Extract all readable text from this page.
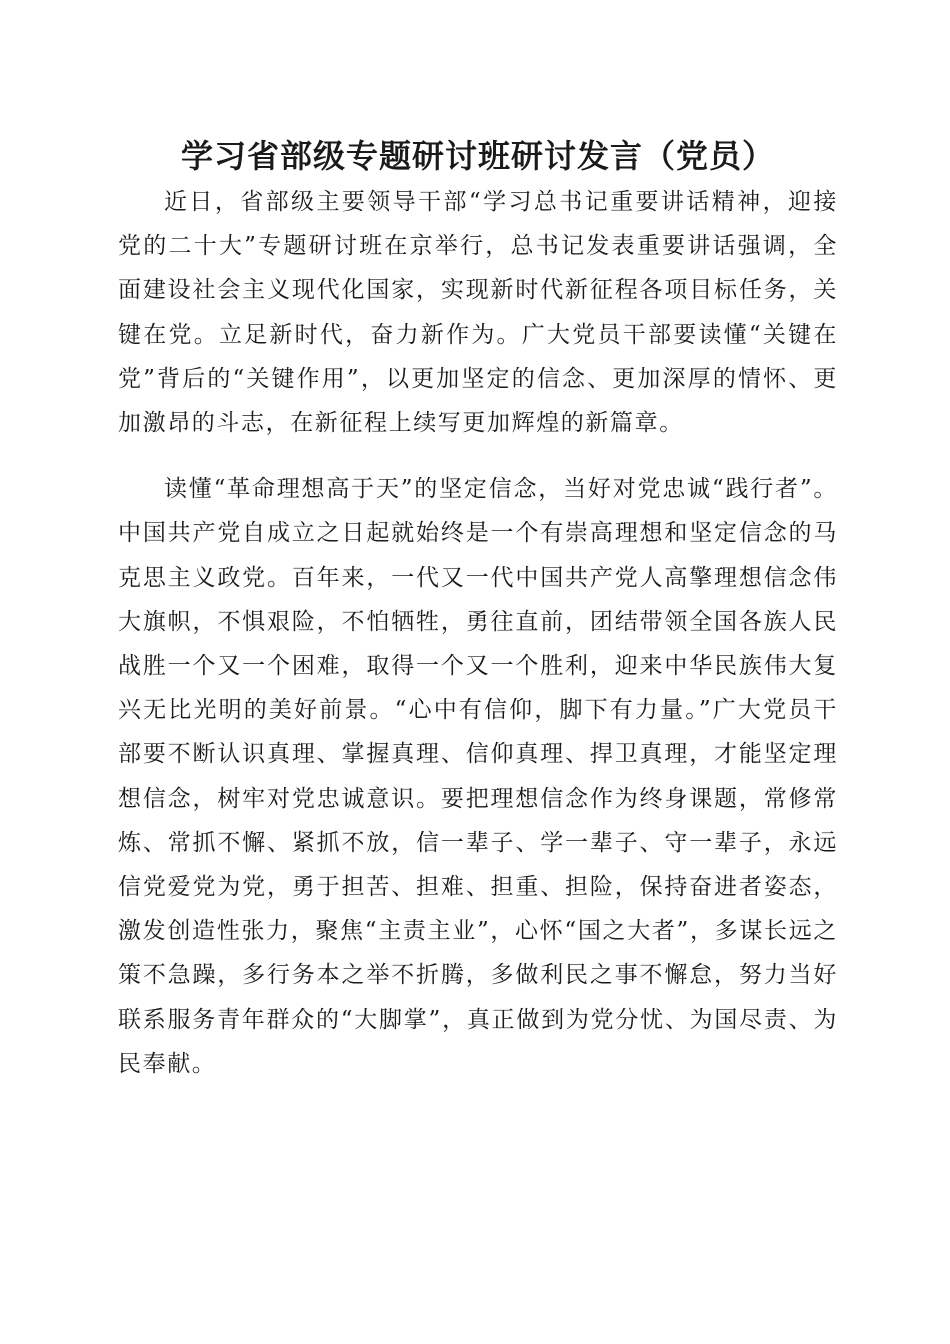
学习省部级专题研讨班研讨发言（党员）

近日，省部级主要领导干部“学习总书记重要讲话精神，迎接党的二十大”专题研讨班在京举行，总书记发表重要讲话强调，全面建设社会主义现代化国家，实现新时代新征程各项目标任务，关键在党。立足新时代，奋力新作为。广大党员干部要读懂“关键在党”背后的“关键作用”，以更加坚定的信念、更加深厚的情怀、更加激昂的斗志，在新征程上续写更加辉煌的新篇章。

读懂“革命理想高于天”的坚定信念，当好对党忠诚“践行者”。中国共产党自成立之日起就始终是一个有崇高理想和坚定信念的马克思主义政党。百年来，一代又一代中国共产党人高擎理想信念伟大旗帜，不惧艰险，不怕牺牲，勇往直前，团结带领全国各族人民战胜一个又一个困难，取得一个又一个胜利，迎来中华民族伟大复兴无比光明的美好前景。“心中有信仰，脚下有力量。”广大党员干部要不断认识真理、掌握真理、信仰真理、捍卫真理，才能坚定理想信念，树牢对党忠诚意识。要把理想信念作为终身课题，常修常炼、常抓不懈、紧抓不放，信一辈子、学一辈子、守一辈子，永远信党爱党为党，勇于担苦、担难、担重、担险，保持奋进者姿态，激发创造性张力，聚焦“主责主业”，心怀“国之大者”，多谋长远之策不急躁，多行务本之举不折腾，多做利民之事不懈怠，努力当好联系服务青年群众的“大脚掌”，真正做到为党分忧、为国尽责、为民奉献。
